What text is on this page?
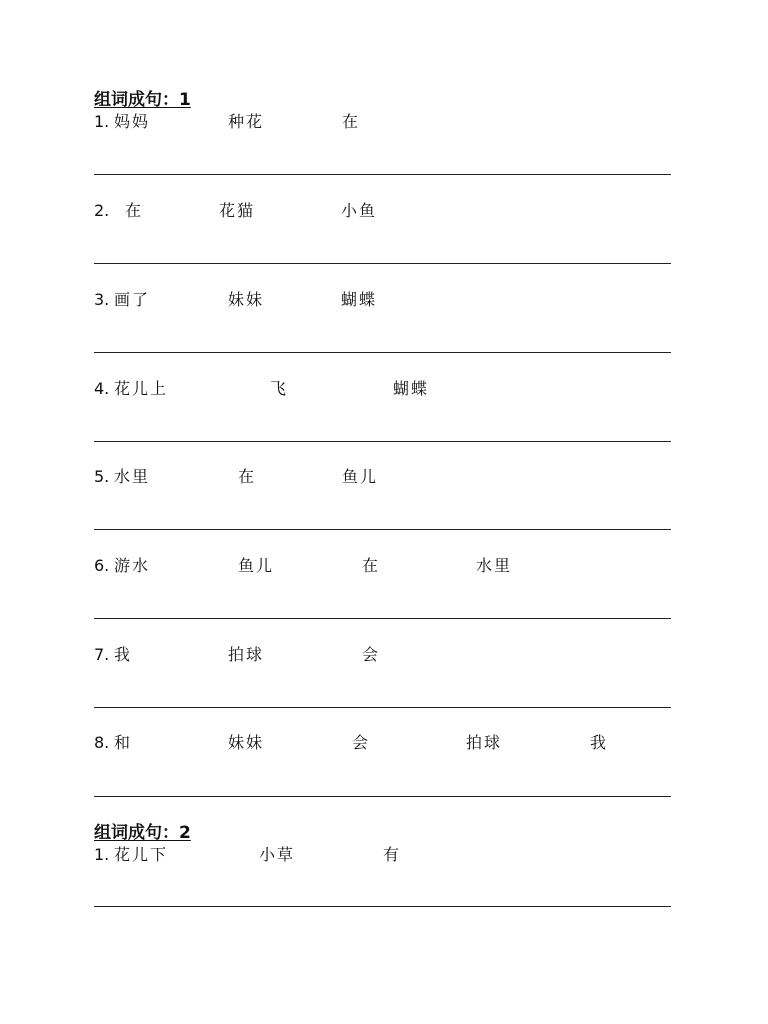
组词成句：1
1. 妈妈	种花	在
2. 在	花猫	小鱼
3. 画了	妹妹	蝴蝶
4. 花儿上	飞	蝴蝶
5. 水里	在	鱼儿
6. 游水	鱼儿	在	水里
7. 我	拍球	会
8. 和	妹妹	会	拍球	我
组词成句：2
1. 花儿下	小草	有
